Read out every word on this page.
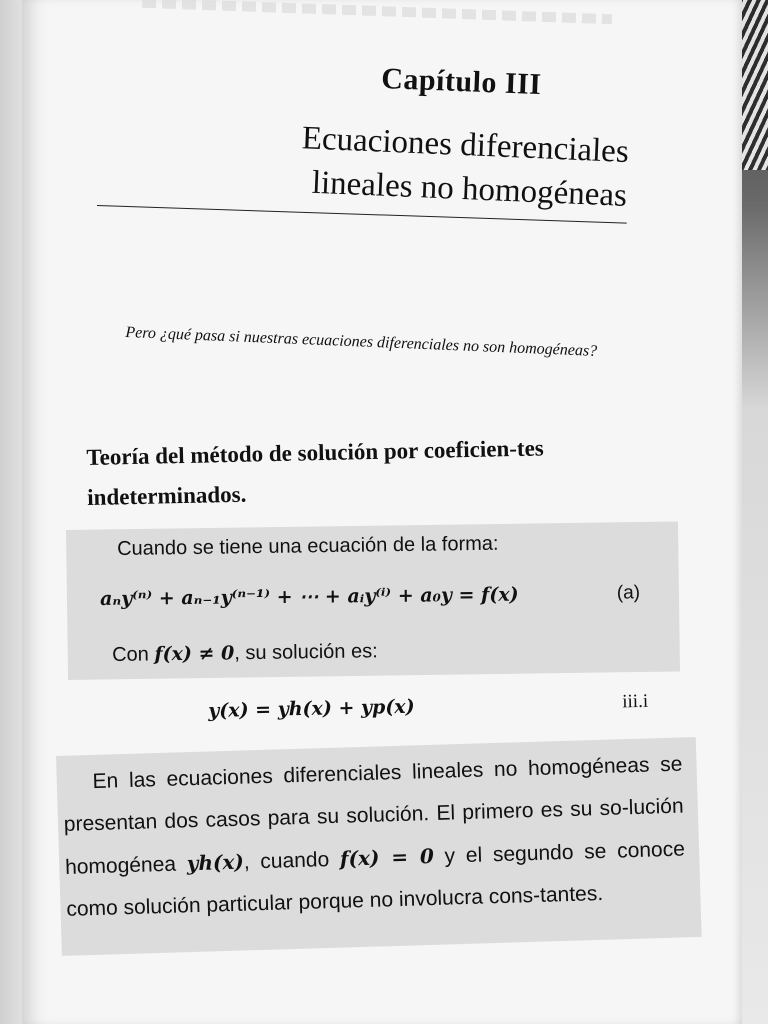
Capítulo III
Ecuaciones diferenciales
lineales no homogéneas
Pero ¿qué pasa si nuestras ecuaciones diferenciales no son homogéneas?
Teoría del método de solución por coeficien-tes indeterminados.
Cuando se tiene una ecuación de la forma:
aₙy⁽ⁿ⁾ + aₙ₋₁y⁽ⁿ⁻¹⁾ + ⋯ + aᵢy⁽ⁱ⁾ + a₀y = f(x)	(a)
Con f(x) ≠ 0, su solución es:
y(x) = yh(x) + yp(x)	iii.i
En las ecuaciones diferenciales lineales no homogéneas se presentan dos casos para su solución. El primero es su so-lución homogénea yh(x), cuando f(x) = 0 y el segundo se conoce como solución particular porque no involucra cons-tantes.
